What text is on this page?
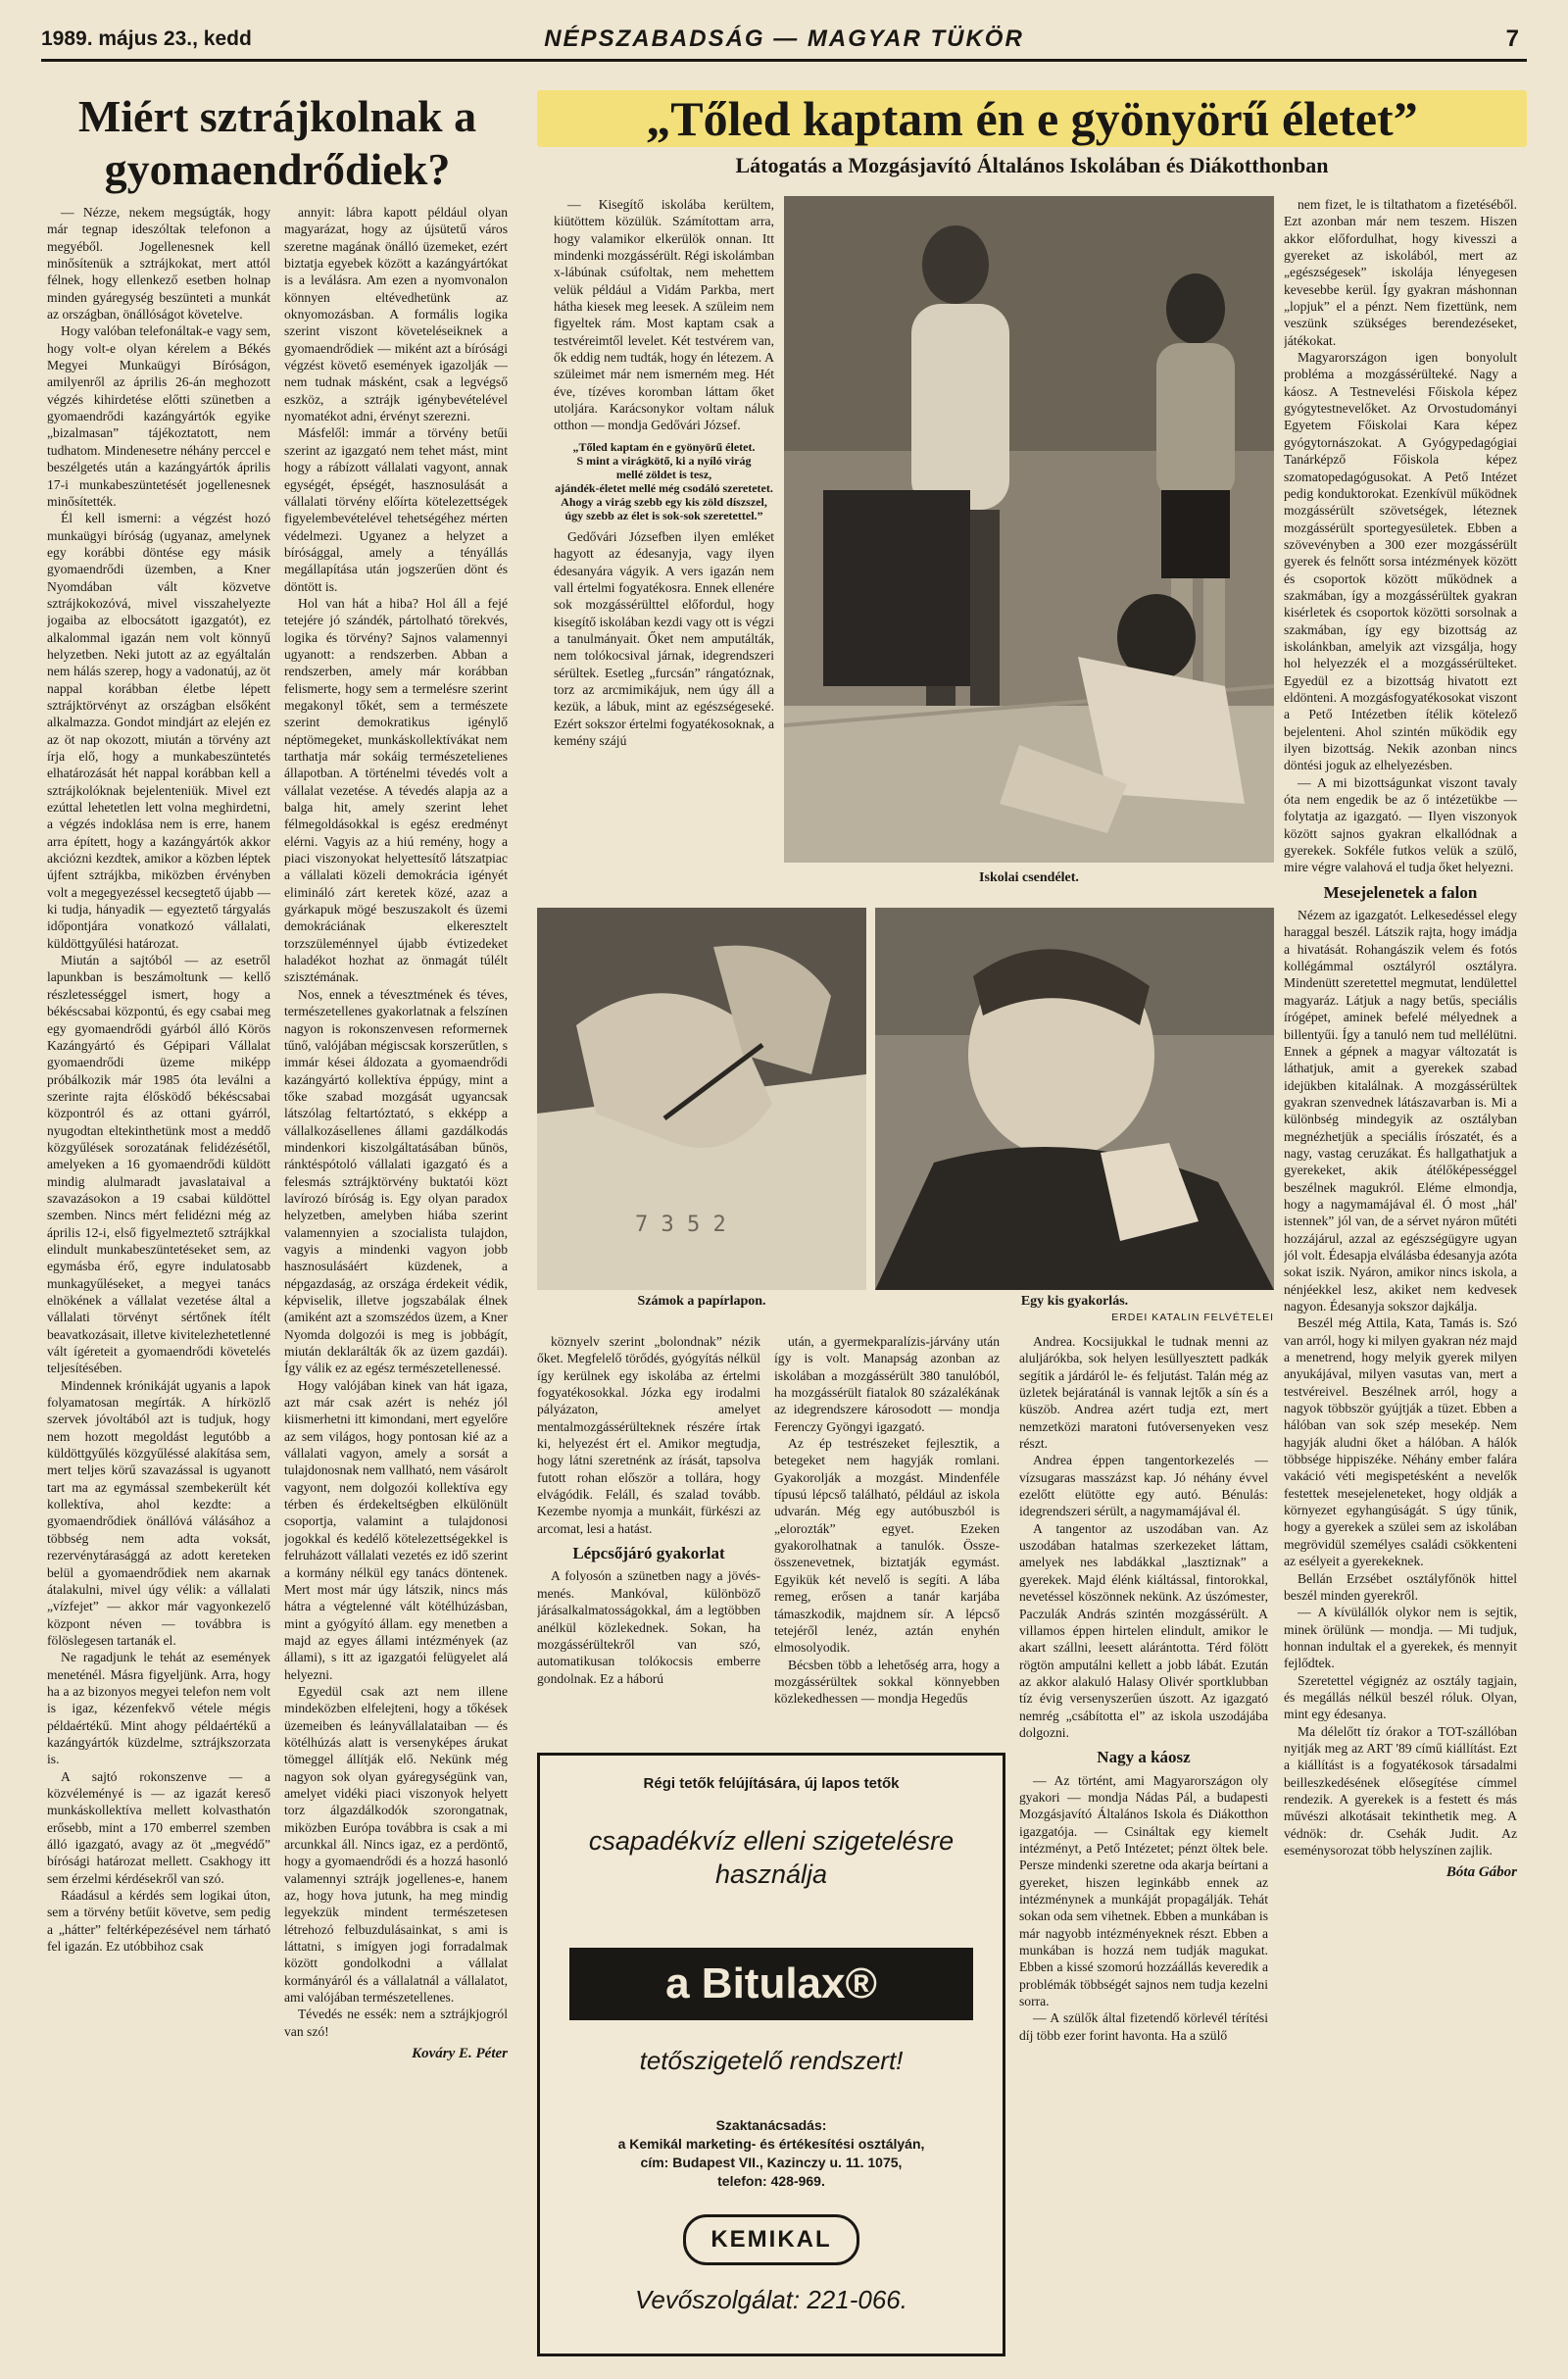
1989. május 23., kedd	NÉPSZABADSÁG — MAGYAR TÜKÖR	7
Miért sztrájkolnak a gyomaendrődiek?
„Tőled kaptam én e gyönyörű életet”
Látogatás a Mozgásjavító Általános Iskolában és Diákotthonban

— Nézze, nekem megsúgták, hogy már tegnap ideszóltak telefonon a megyéből. Jogellenesnek kell minősítenük a sztrájkokat, mert attól félnek, hogy ellenkező esetben holnap minden gyáregység beszünteti a munkát az országban, önállóságot követelve.

Hogy valóban telefonáltak-e vagy sem, hogy volt-e olyan kérelem a Békés Megyei Munkaügyi Bíróságon, amilyenről az április 26-án meghozott végzés kihirdetése előtti szünetben a gyomaendrődi kazángyártók egyike „bizalmasan” tájékoztatott, nem tudhatom. Mindenesetre néhány perccel e beszélgetés után a kazángyártók április 17-i munkabeszüntetését jogellenesnek minősítették.

Él kell ismerni: a végzést hozó munkaügyi bíróság (ugyanaz, amelynek egy korábbi döntése egy másik gyomaendrődi üzemben, a Kner Nyomdában vált közvetve sztrájkokozóvá, mivel visszahelyezte jogaiba az elbocsátott igazgatót), ez alkalommal igazán nem volt könnyű helyzetben. Neki jutott az az egyáltalán nem hálás szerep, hogy a vadonatúj, az öt nappal korábban életbe lépett sztrájktörvényt az országban elsőként alkalmazza. Gondot mindjárt az elején ez az öt nap okozott, miután a törvény azt írja elő, hogy a munkabeszüntetés elhatározását hét nappal korábban kell a sztrájkolóknak bejelenteniük. Mivel ezt ezúttal lehetetlen lett volna meghirdetni, a végzés indoklása nem is erre, hanem arra épített, hogy a kazángyártók akkor akciózni kezdtek, amikor a közben léptek újfent sztrájkba, miközben érvényben volt a megegyezéssel kecsegtető újabb — ki tudja, hányadik — egyeztető tárgyalás időpontjára vonatkozó vállalati, küldöttgyűlési határozat.

Miután a sajtóból — az esetről lapunkban is beszámoltunk — kellő részletességgel ismert, hogy a békéscsabai központú, és egy csabai meg egy gyomaendrődi gyárból álló Körös Kazángyártó és Gépipari Vállalat gyomaendrődi üzeme miképp próbálkozik már 1985 óta leválni a szerinte rajta élősködő békéscsabai központról és az ottani gyárról, nyugodtan eltekinthetünk most a meddő közgyűlések sorozatának felidézésétől, amelyeken a 16 gyomaendrődi küldött mindig alulmaradt javaslataival a szavazásokon a 19 csabai küldöttel szemben. Nincs mért felidézni még az április 12-i, első figyelmeztető sztrájkkal elindult munkabeszüntetéseket sem, az egymásba érő, egyre indulatosabb munkagyűléseket, a megyei tanács elnökének a vállalat vezetése által a vállalati törvényt sértőnek ítélt beavatkozásait, illetve kivitelezhetetlenné vált ígéreteit a gyomaendrődi követelés teljesítésében.

Mindennek krónikáját ugyanis a lapok folyamatosan megírták. A hírközlő szervek jóvoltából azt is tudjuk, hogy nem hozott megoldást legutóbb a küldöttgyűlés közgyűléssé alakítása sem, mert teljes körű szavazással is ugyanott tart ma az egymással szembekerült két kollektíva, ahol kezdte: a gyomaendrődiek önállóvá válásához a többség nem adta voksát, rezervénytárasággá az adott kereteken belül a gyomaendrődiek nem akarnak átalakulni, mivel úgy vélik: a vállalati „vízfejet” — akkor már vagyonkezelő központ néven — továbbra is fölöslegesen tartanák el.

Ne ragadjunk le tehát az események meneténél. Másra figyeljünk. Arra, hogy ha a az bizonyos megyei telefon nem volt is igaz, kézenfekvő vétele mégis példaértékű. Mint ahogy példaértékű a kazángyártók küzdelme, sztrájkszorzata is.

A sajtó rokonszenve — a közvéleményé is — az igazát kereső munkáskollektíva mellett kolvasthatón erősebb, mint a 170 emberrel szemben álló igazgató, avagy az öt „megvédő” bírósági határozat mellett. Csakhogy itt sem érzelmi kérdésekről van szó.

Ráadásul a kérdés sem logikai úton, sem a törvény betűit követve, sem pedig a „hátter” feltérképezésével nem tárható fel igazán. Ez utóbbihoz csak

annyit: lábra kapott például olyan magyarázat, hogy az újsütetű város szeretne magának önálló üzemeket, ezért biztatja egyebek között a kazángyártókat is a leválásra. Am ezen a nyomvonalon könnyen eltévedhetünk az oknyomozásban. A formális logika szerint viszont követeléseiknek a gyomaendrődiek — miként azt a bírósági végzést követő események igazolják — nem tudnak másként, csak a legvégső eszköz, a sztrájk igénybevételével nyomatékot adni, érvényt szerezni.

Másfelől: immár a törvény betűi szerint az igazgató nem tehet mást, mint hogy a rábízott vállalati vagyont, annak egységét, épségét, hasznosulását a vállalati törvény előírta kötelezettségek figyelembevételével tehetségéhez mérten védelmezi. Ugyanez a helyzet a bírósággal, amely a tényállás megállapítása után jogszerűen dönt és döntött is.

Hol van hát a hiba? Hol áll a fejé tetejére jó szándék, pártolható törekvés, logika és törvény? Sajnos valamennyi ugyanott: a rendszerben. Abban a rendszerben, amely már korábban felismerte, hogy sem a termelésre szerint megakonyl tőkét, sem a természete szerint demokratikus igénylő néptömegeket, munkáskollektívákat nem tarthatja már sokáig természetelienes állapotban. A történelmi tévedés volt a vállalat vezetése. A tévedés alapja az a balga hit, amely szerint lehet félmegoldásokkal is egész eredményt elérni. Vagyis az a hiú remény, hogy a piaci viszonyokat helyettesítő látszatpiac a vállalati közeli demokrácia igényét elimináló zárt keretek közé, azaz a gyárkapuk mögé beszuszakolt és üzemi demokráciának elkeresztelt torzszüleménnyel újabb évtizedeket haladékot hozhat az önmagát túlélt szisztémának.

Nos, ennek a tévesztmének és téves, természetellenes gyakorlatnak a felszínen nagyon is rokonszenvesen reformernek tűnő, valójában mégiscsak korszerűtlen, s immár kései áldozata a gyomaendrődi kazángyártó kollektíva éppúgy, mint a tőke szabad mozgását ugyancsak látszólag feltartóztató, s ekképp a vállalkozásellenes állami gazdálkodás mindenkori kiszolgáltatásában bűnös, ránktéspótoló vállalati igazgató és a felesmás sztrájktörvény buktatói közt lavírozó bíróság is. Egy olyan paradox helyzetben, amelyben hiába szerint valamennyien a szocialista tulajdon, vagyis a mindenki vagyon jobb hasznosulásáért küzdenek, a népgazdaság, az országa érdekeit védik, képviselik, illetve jogszabálak élnek (amiként azt a szomszédos üzem, a Kner Nyomda dolgozói is meg is jobbágít, miután deklarálták ők az üzem gazdái). Így válik ez az egész természetellenessé.

Hogy valójában kinek van hát igaza, azt már csak azért is nehéz jól kiismerhetni itt kimondani, mert egyelőre az sem világos, hogy pontosan kié az a vállalati vagyon, amely a sorsát a tulajdonosnak nem vallható, nem vásárolt vagyont, nem dolgozói kollektíva egy térben és érdekeltségben elkülönült csoportja, valamint a tulajdonosi jogokkal és kedélő kötelezettségekkel is felruházott vállalati vezetés ez idő szerint a kormány nélkül egy tanács döntenek. Mert most már úgy látszik, nincs más hátra a végtelenné vált kötélhúzásban, mint a gyógyító állam. egy menetben a majd az egyes állami intézmények (az állami), s itt az igazgatói felügyelet alá helyezni.

Egyedül csak azt nem illene mindeközben elfelejteni, hogy a tőkések üzemeiben és leányvállalataiban — és kötélhúzás alatt is versenyképes árukat tömeggel állítják elő. Nekünk még nagyon sok olyan gyáregységünk van, amelyet vidéki piaci viszonyok helyett torz álgazdálkodók szorongatnak, miközben Európa továbbra is csak a mi arcunkkal áll. Nincs igaz, ez a perdöntő, hogy a gyomaendrődi és a hozzá hasonló valamennyi sztrájk jogellenes-e, hanem az, hogy hova jutunk, ha meg mindig legyekzük mindent természetesen létrehozó felbuzdulásainkat, s ami is láttatni, s imígyen jogi forradalmak között gondolkodni a vállalat kormányáról és a vállalatnál a vállalatot, ami valójában természetellenes.

Tévedés ne essék: nem a sztrájkjogról van szó!

Kováry E. Péter

— Kisegítő iskolába kerültem, kiütöttem közülük. Számítottam arra, hogy valamikor elkerülök onnan. Itt mindenki mozgássérült. Régi iskolámban x-lábúnak csúfoltak, nem mehettem velük például a Vidám Parkba, mert hátha kiesek meg leesek. A szüleim nem figyeltek rám. Most kaptam csak a testvéreimtől levelet. Két testvérem van, ők eddig nem tudták, hogy én létezem. A szüleimet már nem ismerném meg. Hét éve, tízéves koromban láttam őket utoljára. Karácsonykor voltam náluk otthon — mondja Gedővári József.

„Tőled kaptam én e gyönyörű életet.
S mint a virágkötő, ki a nyíló virág
mellé zöldet is tesz,
ajándék-életet mellé még csodáló szeretetet.
Ahogy a virág szebb egy kis zöld díszszel, úgy szebb az élet is sok-sok szeretettel.”

Gedővári Józsefben ilyen emléket hagyott az édesanyja, vagy ilyen édesanyára vágyik. A vers igazán nem vall értelmi fogyatékosra. Ennek ellenére sok mozgássérülttel előfordul, hogy kisegítő iskolában kezdi vagy ott is végzi a tanulmányait. Őket nem amputálták, nem tolókocsival járnak, idegrendszeri sérültek. Esetleg „furcsán” rángatóznak, torz az arcmimikájuk, nem úgy áll a kezük, a lábuk, mint az egészségeseké. Ezért sokszor értelmi fogyatékosoknak, a kemény szájú

Iskolai csendélet.

nem fizet, le is tiltathatom a fizetéséből. Ezt azonban már nem teszem. Hiszen akkor előfordulhat, hogy kivesszi a gyereket az iskolából, mert az „egészségesek” iskolája lényegesen kevesebbe kerül. Így gyakran máshonnan „lopjuk” el a pénzt. Nem fizettünk, nem veszünk szükséges berendezéseket, játékokat.

Magyarországon igen bonyolult probléma a mozgássérülteké. Nagy a káosz. A Testnevelési Főiskola képez gyógytestnevelőket. Az Orvostudományi Egyetem Főiskolai Kara képez gyógytornászokat. A Gyógypedagógiai Tanárképző Főiskola képez szomatopedagógusokat. A Pető Intézet pedig konduktorokat. Ezenkívül működnek mozgássérült szövetségek, léteznek mozgássérült sportegyesületek. Ebben a szövevényben a 300 ezer mozgássérült gyerek és felnőtt sorsa intézmények között és csoportok között működnek a szakmában, így a mozgássérültek gyakran kisérletek és csoportok közötti sorsolnak a szakmában, így egy bizottság az iskolánkban, amelyik azt vizsgálja, hogy hol helyezzék el a mozgássérülteket. Egyedül ez a bizottság hivatott ezt eldönteni. A mozgásfogyatékosokat viszont a Pető Intézetben ítélik kötelező bejelenteni. Ahol szintén működik egy ilyen bizottság. Nekik azonban nincs döntési joguk az elhelyezésben.

— A mi bizottságunkat viszont tavaly óta nem engedik be az ő intézetükbe — folytatja az igazgató. — Ilyen viszonyok között sajnos gyakran elkallódnak a gyerekek. Sokféle futkos velük a szülő, mire végre valahová el tudja őket helyezni.

Mesejelenetek a falon

Nézem az igazgatót. Lelkesedéssel elegy haraggal beszél. Látszik rajta, hogy imádja a hivatását. Rohangászik velem és fotós kollégámmal osztályról osztályra. Mindenütt szeretettel megmutat, lendülettel magyaráz. Látjuk a nagy betűs, speciális írógépet, aminek befelé mélyednek a billentyűi. Így a tanuló nem tud mellélütni. Ennek a gépnek a magyar változatát is láthatjuk, amit a gyerekek szabad idejükben kitalálnak. A mozgássérültek gyakran szenvednek látászavarban is. Mi a különbség mindegyik az osztályban megnézhetjük a speciális írószatét, és a nagy, vastag ceruzákat. És hallgathatjuk a gyerekeket, akik átélőképességgel beszélnek magukról. Eléme elmondja, hogy a nagymamájával él. Ó most „hál' istennek” jól van, de a sérvet nyáron műtéti hozzájárul, azzal az egészségügyre ugyan jól volt. Édesapja elválásba édesanyja azóta sokat iszik. Nyáron, amikor nincs iskola, a nénjéekkel lesz, akiket nem kedvesek nagyon. Édesanyja sokszor dajkálja.

Beszél még Attila, Kata, Tamás is. Szó van arról, hogy ki milyen gyakran néz majd a menetrend, hogy melyik gyerek milyen anyukájával, milyen vasutas van, mert a testvéreivel. Beszélnek arról, hogy a nagyok többször gyújtják a tüzet. Ebben a hálóban van sok szép mesekép. Nem hagyják aludni őket a hálóban. A hálók többsége hippiszéke. Néhány ember falára vakáció véti megispetésként a nevelők festettek mesejeleneteket, hogy oldják a környezet egyhangúságát. S úgy tűnik, hogy a gyerekek a szülei sem az iskolában megrövidül személyes családi csökkenteni az esélyeit a gyerekeknek.

Bellán Erzsébet osztályfőnök hittel beszél minden gyerekről.

— A kívülállók olykor nem is sejtik, minek örülünk — mondja. — Mi tudjuk, honnan indultak el a gyerekek, és mennyit fejlődtek.

Szeretettel végignéz az osztály tagjain, és megállás nélkül beszél róluk. Olyan, mint egy édesanya.

Ma délelőtt tíz órakor a TOT-szállóban nyitják meg az ART '89 című kiállítást. Ezt a kiállítást is a fogyatékosok társadalmi beilleszkedésének elősegítése címmel rendezik. A gyerekek is a festett és más művészi alkotásait tekinthetik meg. A védnök: dr. Csehák Judit. Az eseménysorozat több helyszínen zajlik.

Bóta Gábor
7 3 5 2
Számok a papírlapon.	Egy kis gyakorlás.
ERDEI KATALIN FELVÉTELEI

köznyelv szerint „bolondnak” nézik őket. Megfelelő törődés, gyógyítás nélkül így kerülnek egy iskolába az értelmi fogyatékosokkal. Józka egy irodalmi pályázaton, amelyet mentalmozgássérülteknek részére írtak ki, helyezést ért el. Amikor megtudja, hogy látni szeretnénk az írását, tapsolva futott rohan először a tollára, hogy elvágódik. Feláll, és szalad tovább. Kezembe nyomja a munkáit, fürkészi az arcomat, lesi a hatást.

Lépcsőjáró gyakorlat

A folyosón a szünetben nagy a jövés-menés. Mankóval, különböző járásalkalmatosságokkal, ám a legtöbben anélkül közlekednek. Sokan, ha mozgássérültekről van szó, automatikusan tolókocsis emberre gondolnak. Ez a háború

után, a gyermekparalízis-járvány után így is volt. Manapság azonban az iskolában a mozgássérült 380 tanulóból, ha mozgássérült fiatalok 80 százalékának az idegrendszere károsodott — mondja Ferenczy Gyöngyi igazgató.

Az ép testrészeket fejlesztik, a betegeket nem hagyják romlani. Gyakorolják a mozgást. Mindenféle típusú lépcső található, például az iskola udvarán. Még egy autóbuszból is „elorozták” egyet. Ezeken gyakorolhatnak a tanulók. Össze-összenevetnek, biztatják egymást. Egyikük két nevelő is segíti. A lába remeg, erősen a tanár karjába támaszkodik, majdnem sír. A lépcső tetejéről lenéz, aztán enyhén elmosolyodik.

Bécsben több a lehetőség arra, hogy a mozgássérültek sokkal könnyebben közlekedhessen — mondja Hegedűs

Andrea. Kocsijukkal le tudnak menni az aluljárókba, sok helyen lesüllyesztett padkák segítik a járdáról le- és feljutást. Talán még az üzletek bejáratánál is vannak lejtők a sín és a küszöb. Andrea azért tudja ezt, mert nemzetközi maratoni futóversenyeken vesz részt.

Andrea éppen tangentorkezelés — vízsugaras masszázst kap. Jó néhány évvel ezelőtt elütötte egy autó. Bénulás: idegrendszeri sérült, a nagymamájával él.

A tangentor az uszodában van. Az uszodában hatalmas szerkezeket láttam, amelyek nes labdákkal „lasztiznak” a gyerekek. Majd élénk kiáltással, fintorokkal, nevetéssel köszönnek nekünk. Az úszómester, Paczulák András szintén mozgássérült. A villamos éppen hirtelen elindult, amikor le akart szállni, leesett alárántotta. Térd fölött rögtön amputálni kellett a jobb lábát. Ezután az akkor alakuló Halasy Olivér sportklubban tíz évig versenyszerűen úszott. Az igazgató nemrég „csábította el” az iskola uszodájába dolgozni.

Nagy a káosz

— Az történt, ami Magyarországon oly gyakori — mondja Nádas Pál, a budapesti Mozgásjavító Általános Iskola és Diákotthon igazgatója. — Csináltak egy kiemelt intézményt, a Pető Intézetet; pénzt öltek bele. Persze mindenki szeretne oda akarja beírtani a gyereket, hiszen leginkább ennek az intézménynek a munkáját propagálják. Tehát sokan oda sem vihetnek. Ebben a munkában is már nagyobb intézményeknek részt. Ebben a munkában is hozzá nem tudják magukat. Ebben a kissé szomorú hozzáállás keveredik a problémák többségét sajnos nem tudja kezelni sorra.

— A szülők által fizetendő körlevél térítési díj több ezer forint havonta. Ha a szülő

Régi tetők felújítására, új lapos tetők
csapadékvíz elleni szigetelésre
használja
a Bitulax®
tetőszigetelő rendszert!
Szaktanácsadás:
a Kemikál marketing- és értékesítési osztályán,
cím: Budapest VII., Kazinczy u. 11. 1075,
telefon: 428-969.
KEMIKAL
Vevőszolgálat: 221-066.
